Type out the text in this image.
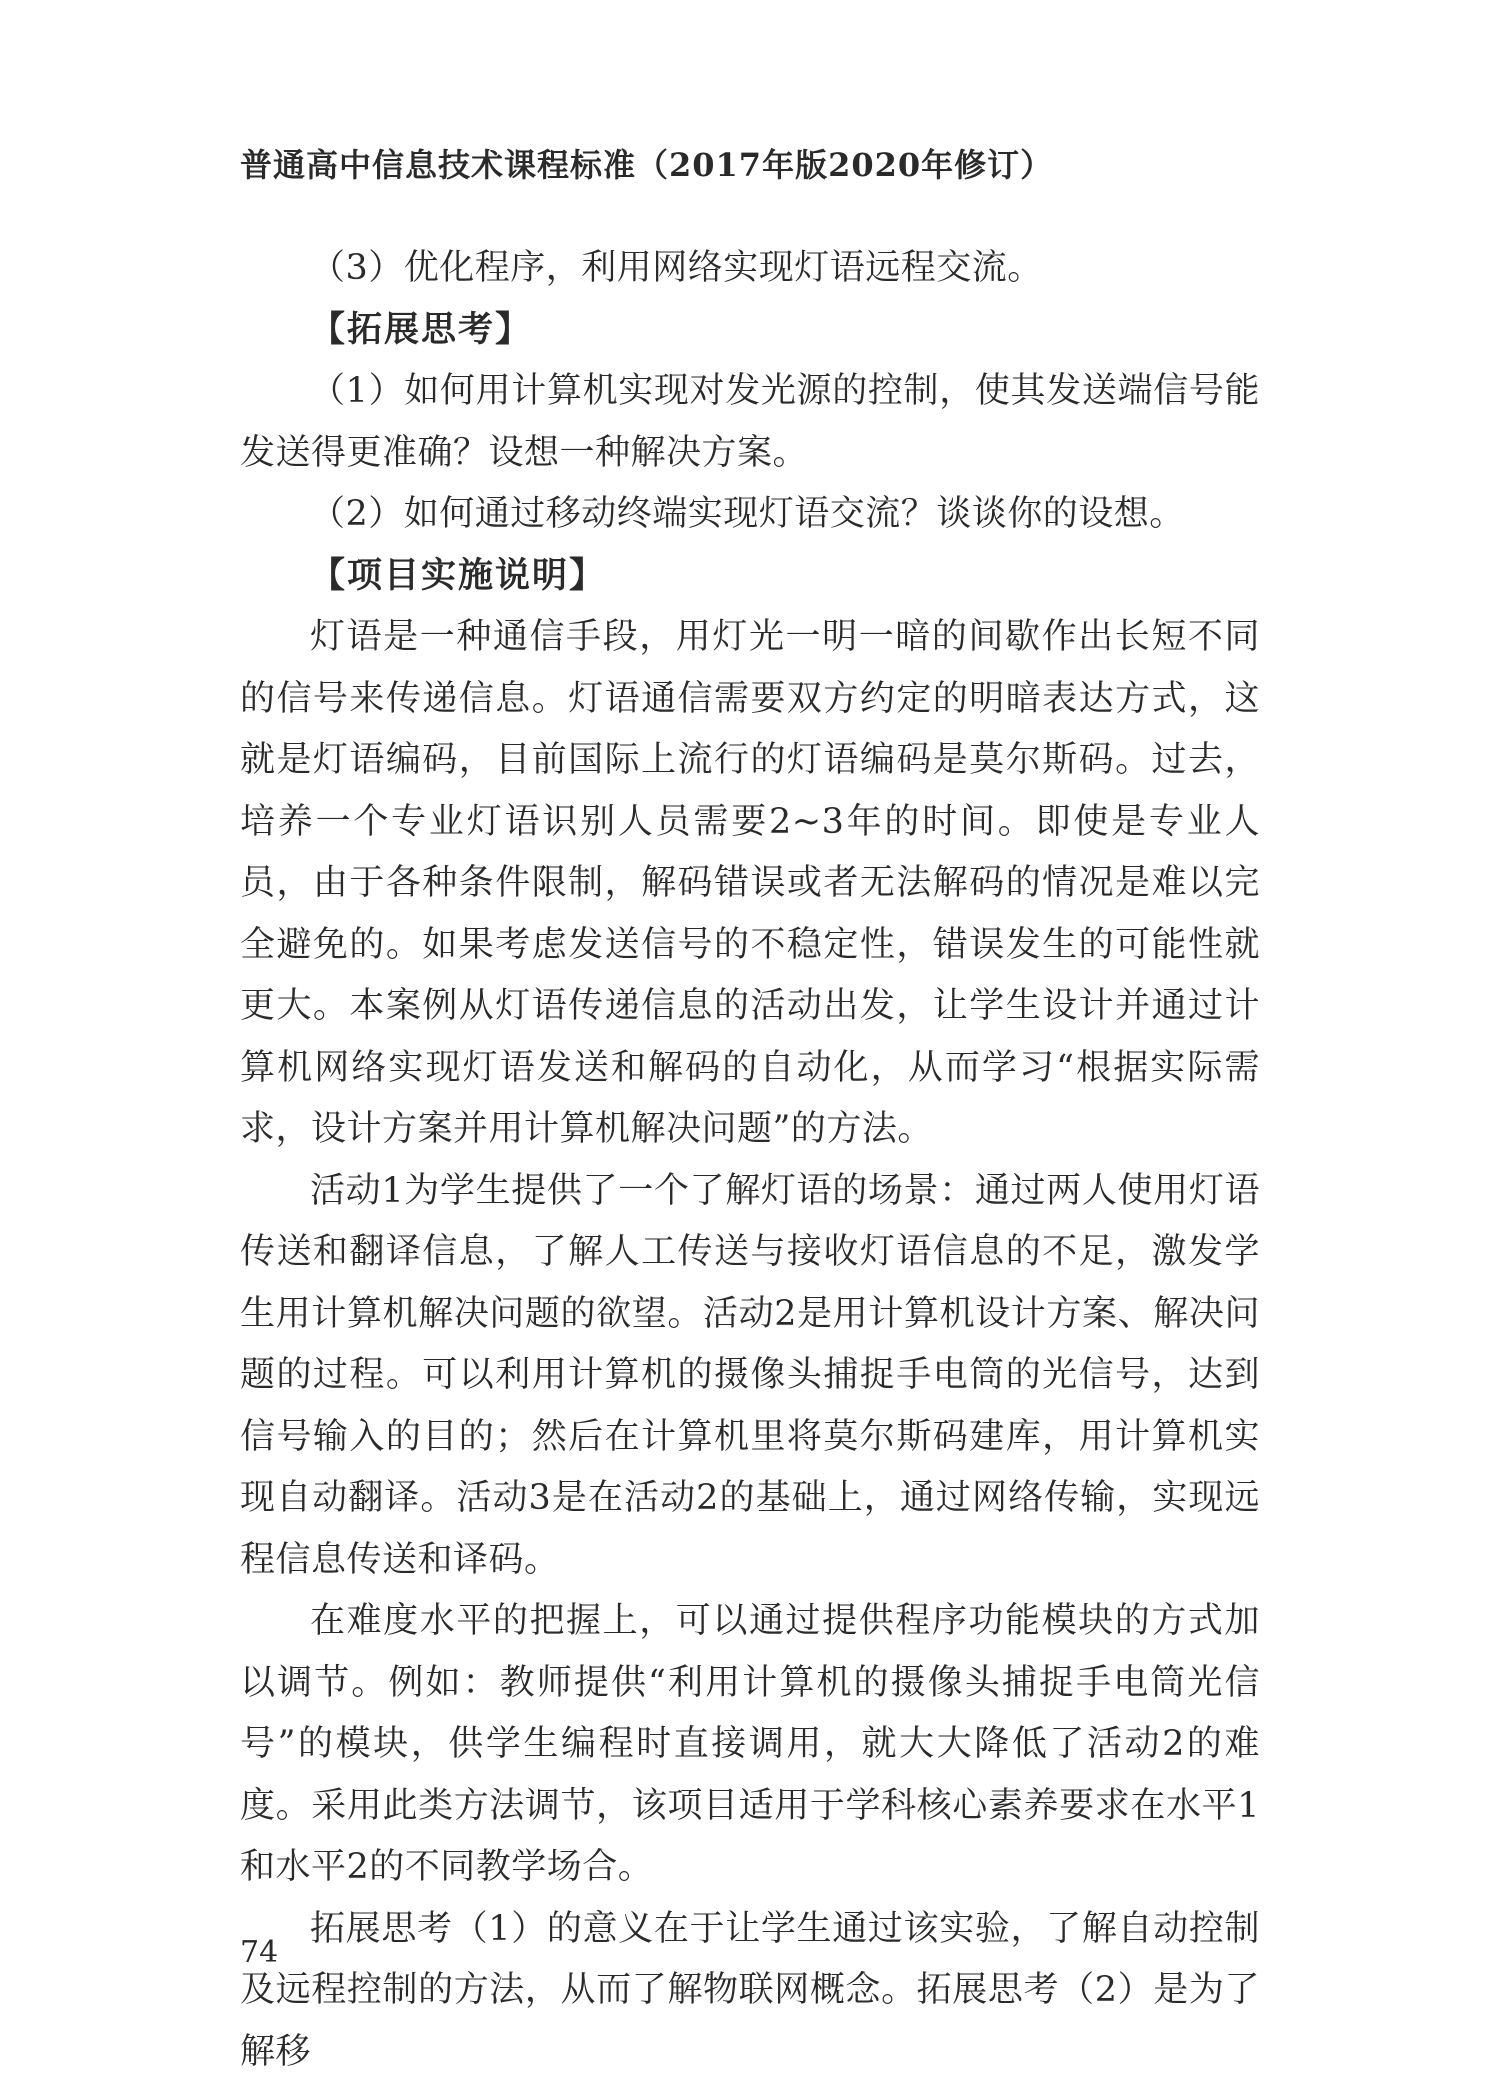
普通高中信息技术课程标准（2017年版2020年修订）

（3）优化程序，利用网络实现灯语远程交流。

【拓展思考】

（1）如何用计算机实现对发光源的控制，使其发送端信号能发送得更准确？设想一种解决方案。

（2）如何通过移动终端实现灯语交流？谈谈你的设想。

【项目实施说明】

灯语是一种通信手段，用灯光一明一暗的间歇作出长短不同的信号来传递信息。灯语通信需要双方约定的明暗表达方式，这就是灯语编码，目前国际上流行的灯语编码是莫尔斯码。过去，培养一个专业灯语识别人员需要2~3年的时间。即使是专业人员，由于各种条件限制，解码错误或者无法解码的情况是难以完全避免的。如果考虑发送信号的不稳定性，错误发生的可能性就更大。本案例从灯语传递信息的活动出发，让学生设计并通过计算机网络实现灯语发送和解码的自动化，从而学习“根据实际需求，设计方案并用计算机解决问题”的方法。

活动1为学生提供了一个了解灯语的场景：通过两人使用灯语传送和翻译信息，了解人工传送与接收灯语信息的不足，激发学生用计算机解决问题的欲望。活动2是用计算机设计方案、解决问题的过程。可以利用计算机的摄像头捕捉手电筒的光信号，达到信号输入的目的；然后在计算机里将莫尔斯码建库，用计算机实现自动翻译。活动3是在活动2的基础上，通过网络传输，实现远程信息传送和译码。

在难度水平的把握上，可以通过提供程序功能模块的方式加以调节。例如：教师提供“利用计算机的摄像头捕捉手电筒光信号”的模块，供学生编程时直接调用，就大大降低了活动2的难度。采用此类方法调节，该项目适用于学科核心素养要求在水平1和水平2的不同教学场合。

拓展思考（1）的意义在于让学生通过该实验，了解自动控制及远程控制的方法，从而了解物联网概念。拓展思考（2）是为了解移

74
